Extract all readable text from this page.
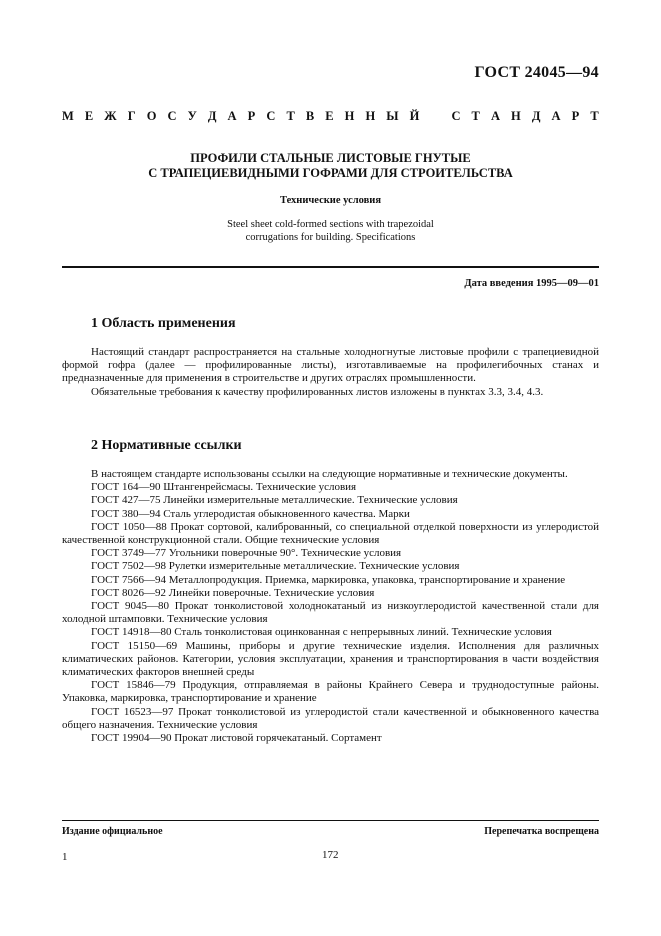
ГОСТ 24045—94
М Е Ж Г О С У Д А Р С Т В Е Н Н Ы Й	С Т А Н Д А Р Т
ПРОФИЛИ СТАЛЬНЫЕ ЛИСТОВЫЕ ГНУТЫЕ
С ТРАПЕЦИЕВИДНЫМИ ГОФРАМИ ДЛЯ СТРОИТЕЛЬСТВА
Технические условия
Steel sheet cold-formed sections with trapezoidal
corrugations for building. Specifications
Дата введения 1995—09—01
1 Область применения

Настоящий стандарт распространяется на стальные холодногнутые листовые профили с трапециевидной формой гофра (далее — профилированные листы), изготавливаемые на профилегибочных станах и предназначенные для применения в строительстве и других отраслях промышленности.

Обязательные требования к качеству профилированных листов изложены в пунктах 3.3, 3.4, 4.3.

2 Нормативные ссылки

В настоящем стандарте использованы ссылки на следующие нормативные и технические документы.

ГОСТ 164—90 Штангенрейсмасы. Технические условия

ГОСТ 427—75 Линейки измерительные металлические. Технические условия

ГОСТ 380—94 Сталь углеродистая обыкновенного качества. Марки

ГОСТ 1050—88 Прокат сортовой, калиброванный, со специальной отделкой поверхности из углеродистой качественной конструкционной стали. Общие технические условия

ГОСТ 3749—77 Угольники поверочные 90°. Технические условия

ГОСТ 7502—98 Рулетки измерительные металлические. Технические условия

ГОСТ 7566—94 Металлопродукция. Приемка, маркировка, упаковка, транспортирование и хранение

ГОСТ 8026—92 Линейки поверочные. Технические условия

ГОСТ 9045—80 Прокат тонколистовой холоднокатаный из низкоуглеродистой качественной стали для холодной штамповки. Технические условия

ГОСТ 14918—80 Сталь тонколистовая оцинкованная с непрерывных линий. Технические условия

ГОСТ 15150—69 Машины, приборы и другие технические изделия. Исполнения для различных климатических районов. Категории, условия эксплуатации, хранения и транспортирования в части воздействия климатических факторов внешней среды

ГОСТ 15846—79 Продукция, отправляемая в районы Крайнего Севера и труднодоступные районы. Упаковка, маркировка, транспортирование и хранение

ГОСТ 16523—97 Прокат тонколистовой из углеродистой стали качественной и обыкновенного качества общего назначения. Технические условия

ГОСТ 19904—90 Прокат листовой горячекатаный. Сортамент

Издание официальное	Перепечатка воспрещена
1	172
